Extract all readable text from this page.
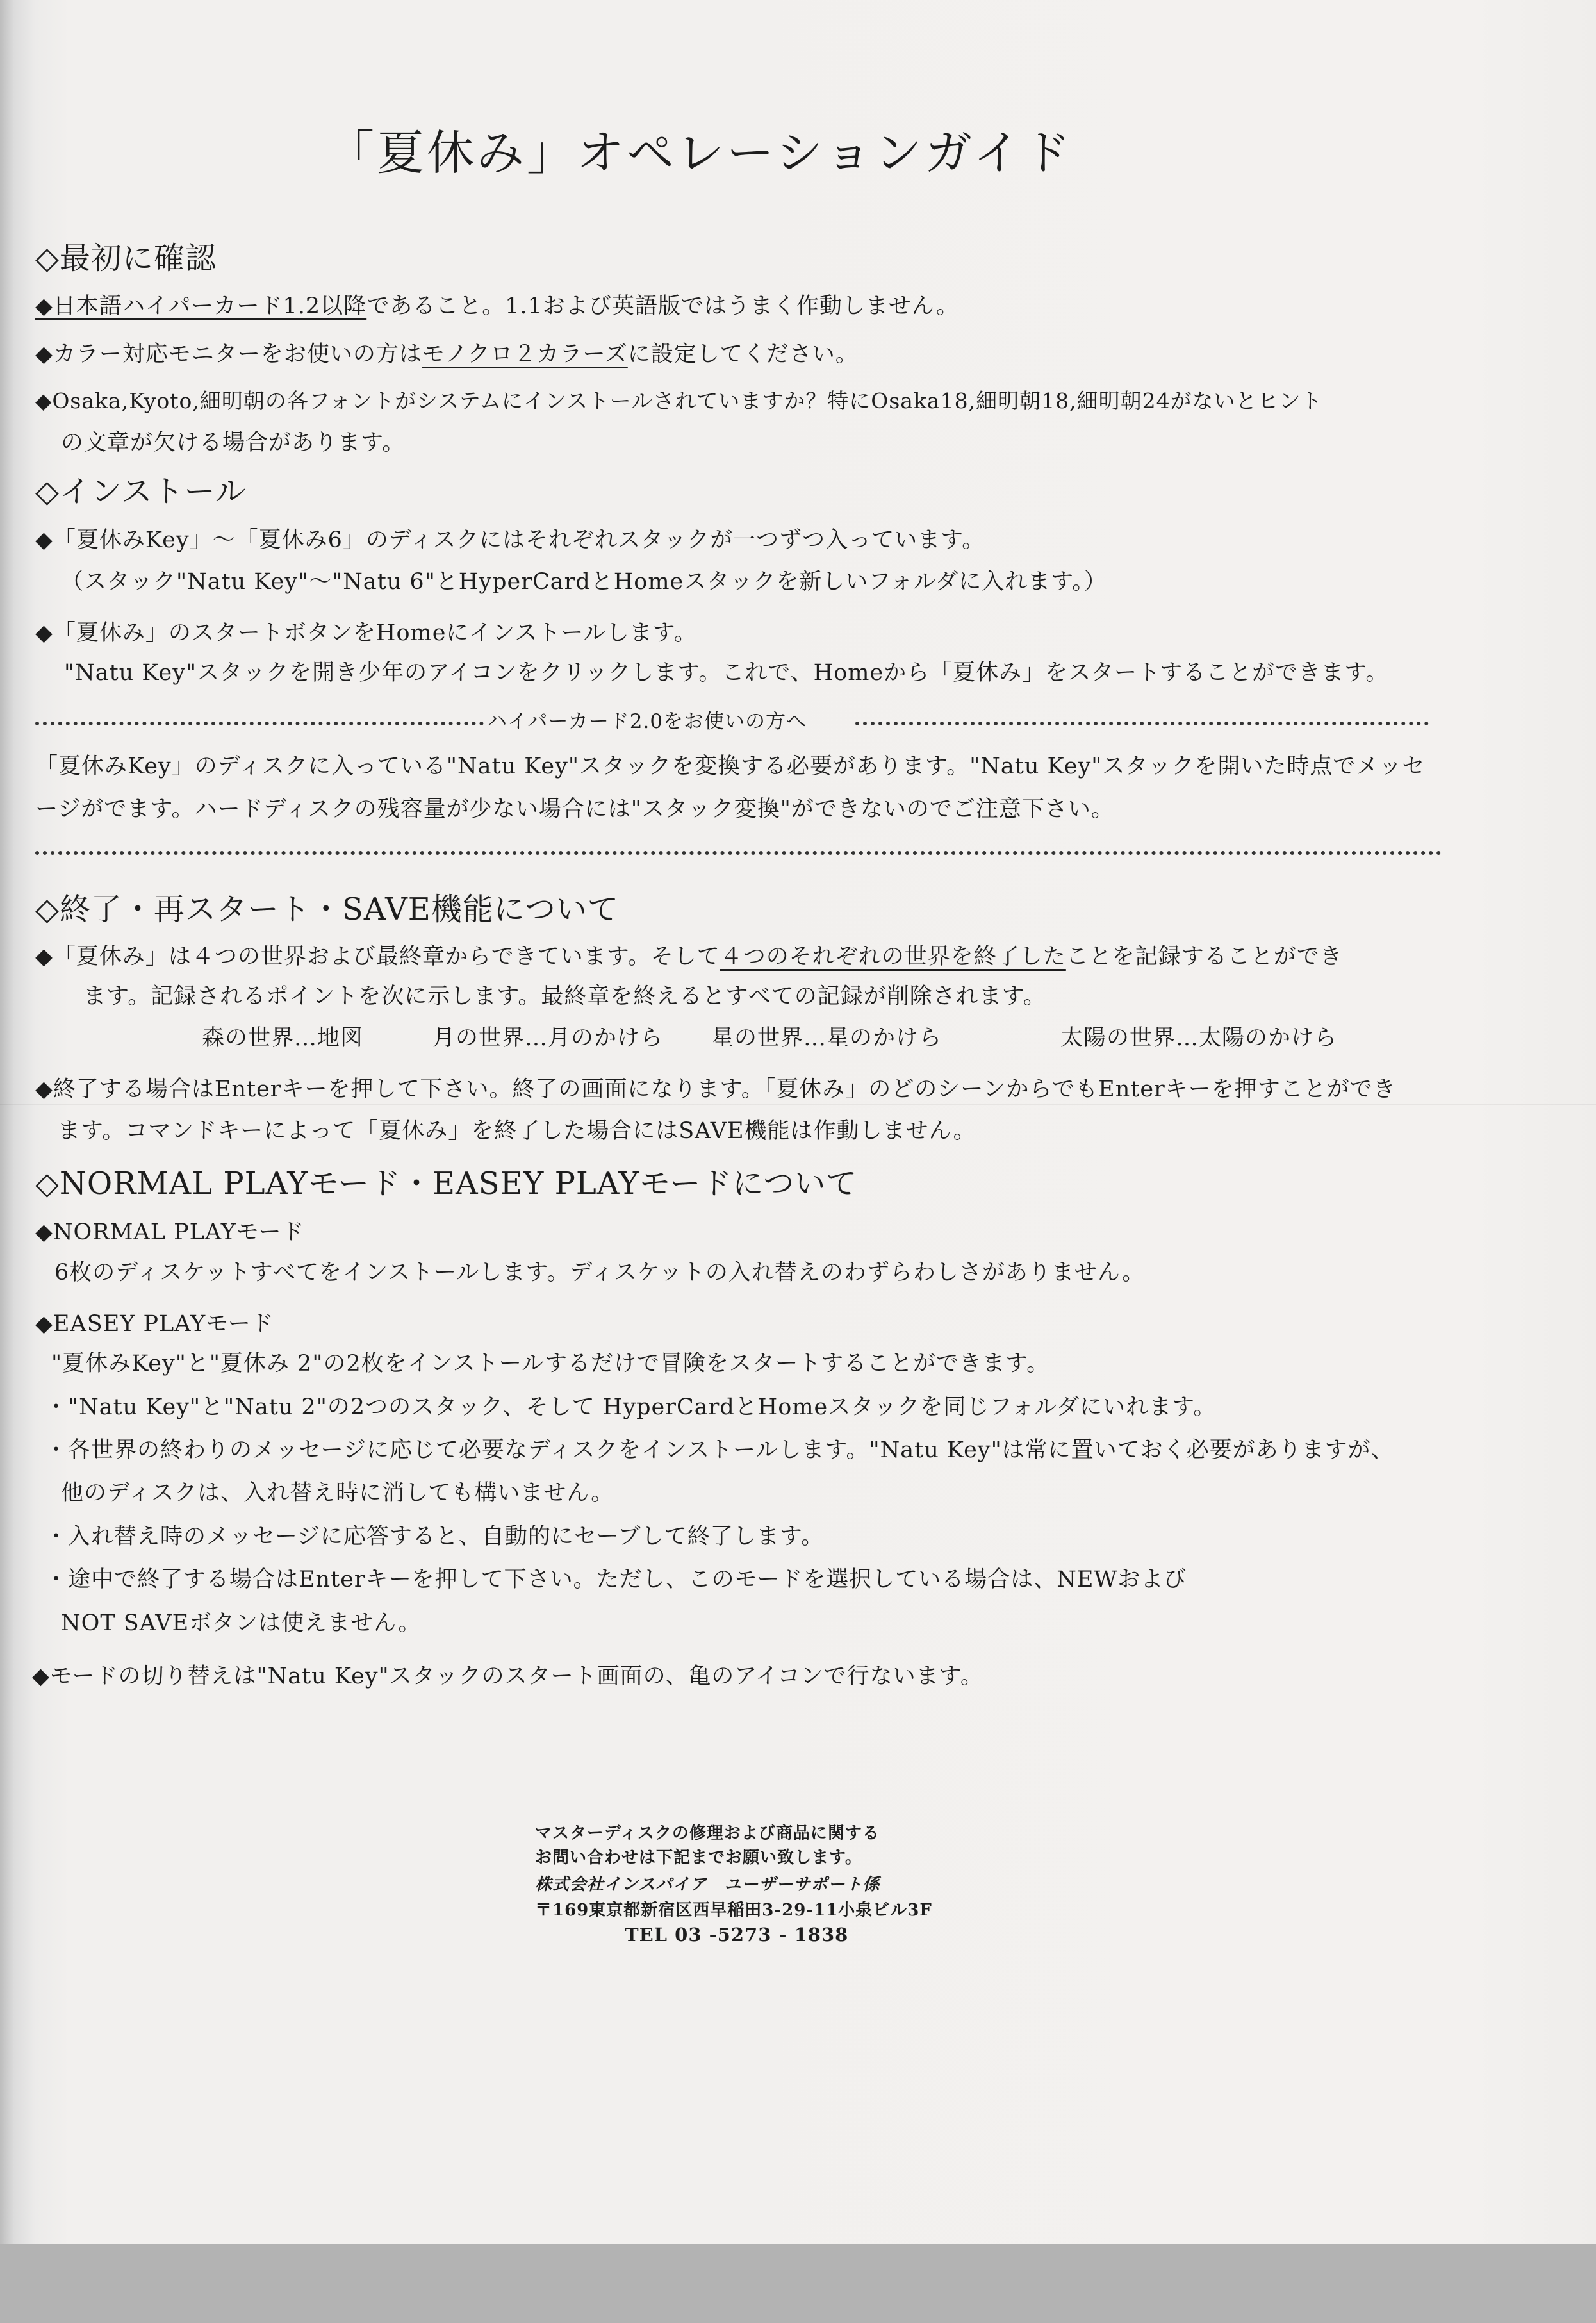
「夏休み」オペレーションガイド
◇最初に確認
◆日本語ハイパーカード1.2以降であること。1.1および英語版ではうまく作動しません。
◆カラー対応モニターをお使いの方はモノクロ２カラーズに設定してください。
◆Osaka,Kyoto,細明朝の各フォントがシステムにインストールされていますか？特にOsaka18,細明朝18,細明朝24がないとヒント
の文章が欠ける場合があります。
◇インストール
◆「夏休みKey」～「夏休み6」のディスクにはそれぞれスタックが一つずつ入っています。
（スタック"Natu Key"～"Natu 6"とHyperCardとHomeスタックを新しいフォルダに入れます。）
◆「夏休み」のスタートボタンをHomeにインストールします。
"Natu Key"スタックを開き少年のアイコンをクリックします。これで、Homeから「夏休み」をスタートすることができます。
ハイパーカード2.0をお使いの方へ
「夏休みKey」のディスクに入っている"Natu Key"スタックを変換する必要があります。"Natu Key"スタックを開いた時点でメッセ
ージがでます。ハードディスクの残容量が少ない場合には"スタック変換"ができないのでご注意下さい。
◇終了・再スタート・SAVE機能について
◆「夏休み」は４つの世界および最終章からできています。そして４つのそれぞれの世界を終了したことを記録することができ
ます。記録されるポイントを次に示します。最終章を終えるとすべての記録が削除されます。
森の世界…地図	月の世界…月のかけら 星の世界…星のかけら	太陽の世界…太陽のかけら
◆終了する場合はEnterキーを押して下さい。終了の画面になります。「夏休み」のどのシーンからでもEnterキーを押すことができ
ます。コマンドキーによって「夏休み」を終了した場合にはSAVE機能は作動しません。
◇NORMAL PLAYモード・EASEY PLAYモードについて
◆NORMAL PLAYモード
6枚のディスケットすべてをインストールします。ディスケットの入れ替えのわずらわしさがありません。
◆EASEY PLAYモード
"夏休みKey"と"夏休み 2"の2枚をインストールするだけで冒険をスタートすることができます。
・"Natu Key"と"Natu 2"の2つのスタック、そして HyperCardとHomeスタックを同じフォルダにいれます。
・各世界の終わりのメッセージに応じて必要なディスクをインストールします。"Natu Key"は常に置いておく必要がありますが、
他のディスクは、入れ替え時に消しても構いません。
・入れ替え時のメッセージに応答すると、自動的にセーブして終了します。
・途中で終了する場合はEnterキーを押して下さい。ただし、このモードを選択している場合は、NEWおよび
NOT SAVEボタンは使えません。
◆モードの切り替えは"Natu Key"スタックのスタート画面の、亀のアイコンで行ないます。
マスターディスクの修理および商品に関する
お問い合わせは下記までお願い致します。
株式会社インスパイア　ユーザーサポート係
〒169東京都新宿区西早稲田3-29-11小泉ビル3F
TEL 03 -5273 - 1838
